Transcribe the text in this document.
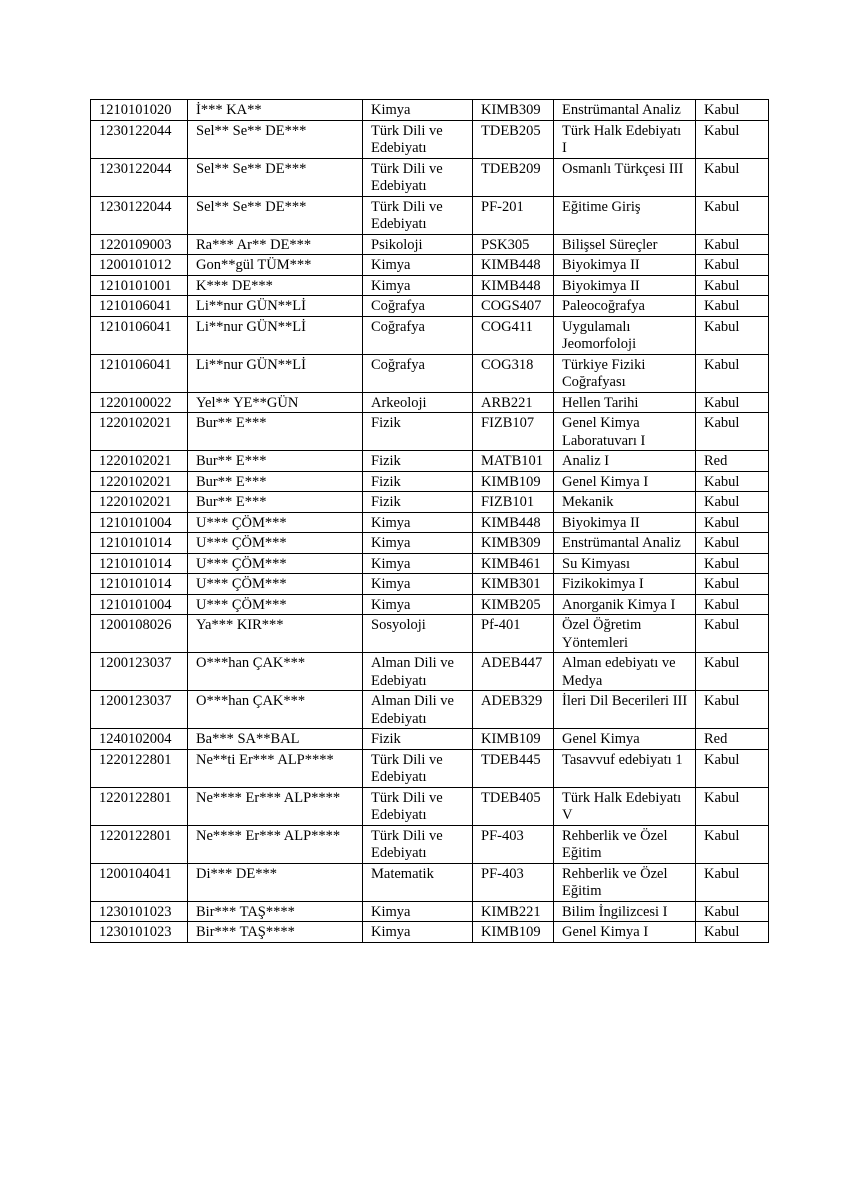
1210101020	İ*** KA**	Kimya	KIMB309	Enstrümantal Analiz	Kabul
1230122044	Sel** Se** DE***	Türk Dili ve Edebiyatı	TDEB205	Türk Halk Edebiyatı I	Kabul
1230122044	Sel** Se** DE***	Türk Dili ve Edebiyatı	TDEB209	Osmanlı Türkçesi III	Kabul
1230122044	Sel** Se** DE***	Türk Dili ve Edebiyatı	PF-201	Eğitime Giriş	Kabul
1220109003	Ra*** Ar** DE***	Psikoloji	PSK305	Bilişsel Süreçler	Kabul
1200101012	Gon**gül TÜM***	Kimya	KIMB448	Biyokimya II	Kabul
1210101001	K*** DE***	Kimya	KIMB448	Biyokimya II	Kabul
1210106041	Li**nur GÜN**Lİ	Coğrafya	COGS407	Paleocoğrafya	Kabul
1210106041	Li**nur GÜN**Lİ	Coğrafya	COG411	Uygulamalı Jeomorfoloji	Kabul
1210106041	Li**nur GÜN**Lİ	Coğrafya	COG318	Türkiye Fiziki Coğrafyası	Kabul
1220100022	Yel** YE**GÜN	Arkeoloji	ARB221	Hellen Tarihi	Kabul
1220102021	Bur** E***	Fizik	FIZB107	Genel Kimya Laboratuvarı I	Kabul
1220102021	Bur** E***	Fizik	MATB101	Analiz I	Red
1220102021	Bur** E***	Fizik	KIMB109	Genel Kimya I	Kabul
1220102021	Bur** E***	Fizik	FIZB101	Mekanik	Kabul
1210101004	U*** ÇÖM***	Kimya	KIMB448	Biyokimya II	Kabul
1210101014	U*** ÇÖM***	Kimya	KIMB309	Enstrümantal Analiz	Kabul
1210101014	U*** ÇÖM***	Kimya	KIMB461	Su Kimyası	Kabul
1210101014	U*** ÇÖM***	Kimya	KIMB301	Fizikokimya I	Kabul
1210101004	U*** ÇÖM***	Kimya	KIMB205	Anorganik Kimya I	Kabul
1200108026	Ya*** KIR***	Sosyoloji	Pf-401	Özel Öğretim Yöntemleri	Kabul
1200123037	O***han ÇAK***	Alman Dili ve Edebiyatı	ADEB447	Alman edebiyatı ve Medya	Kabul
1200123037	O***han ÇAK***	Alman Dili ve Edebiyatı	ADEB329	İleri Dil Becerileri III	Kabul
1240102004	Ba*** SA**BAL	Fizik	KIMB109	Genel Kimya	Red
1220122801	Ne**ti Er*** ALP****	Türk Dili ve Edebiyatı	TDEB445	Tasavvuf edebiyatı 1	Kabul
1220122801	Ne**** Er*** ALP****	Türk Dili ve Edebiyatı	TDEB405	Türk Halk Edebiyatı V	Kabul
1220122801	Ne**** Er*** ALP****	Türk Dili ve Edebiyatı	PF-403	Rehberlik ve Özel Eğitim	Kabul
1200104041	Di*** DE***	Matematik	PF-403	Rehberlik ve Özel Eğitim	Kabul
1230101023	Bir*** TAŞ****	Kimya	KIMB221	Bilim İngilizcesi I	Kabul
1230101023	Bir*** TAŞ****	Kimya	KIMB109	Genel Kimya I	Kabul
